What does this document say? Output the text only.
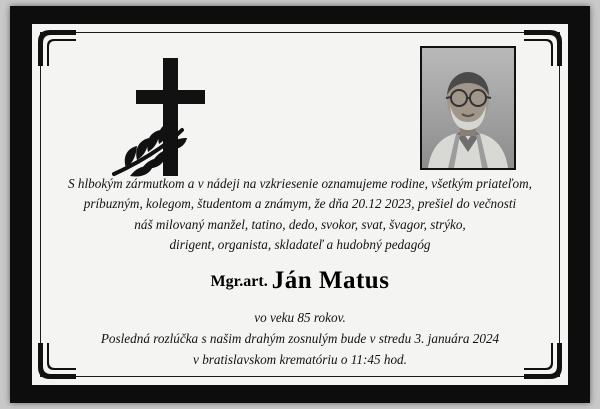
S hlbokým zármutkom a v nádeji na vzkriesenie oznamujeme rodine, všetkým priateľom,
príbuzným, kolegom, študentom a známym, že dňa 20.12 2023, prešiel do večnosti
náš milovaný manžel, tatino, dedo, svokor, svat, švagor, strýko,
dirigent, organista, skladateľ a hudobný pedagóg
Mgr.art. Ján Matus
vo veku 85 rokov.
Posledná rozlúčka s našim drahým zosnulým bude v stredu 3. januára 2024
v bratislavskom krematóriu o 11:45 hod.
